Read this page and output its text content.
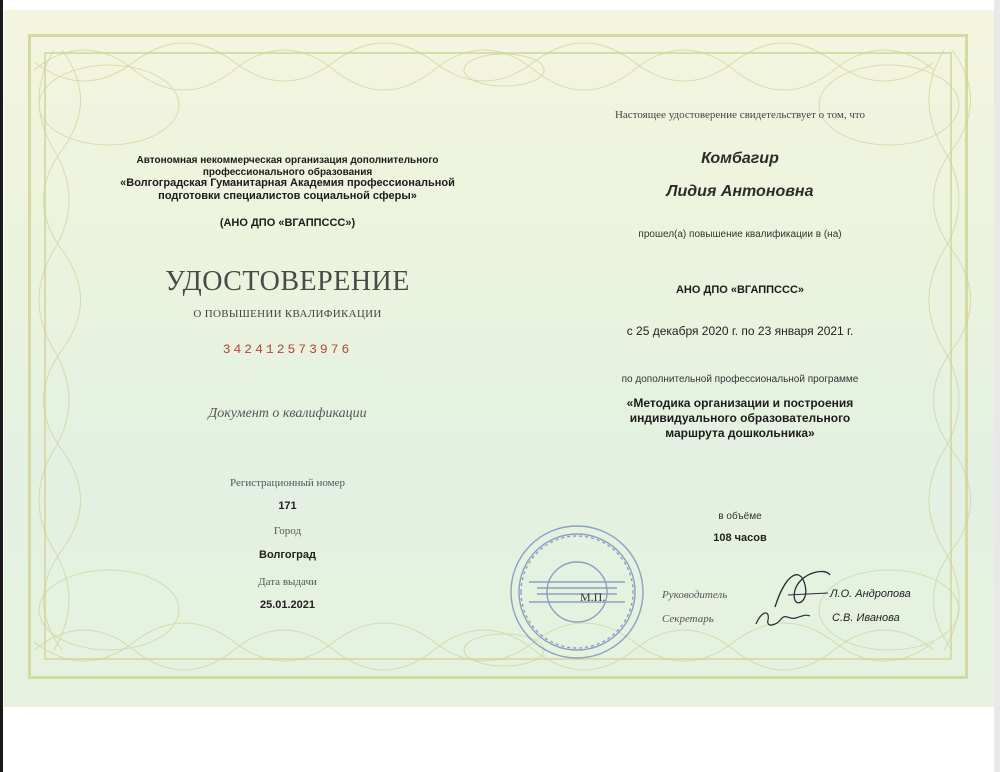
Автономная некоммерческая организация дополнительного профессионального образования
«Волгоградская Гуманитарная Академия профессиональной подготовки специалистов социальной сферы»
(АНО ДПО «ВГАППССС»)
УДОСТОВЕРЕНИЕ
О ПОВЫШЕНИИ КВАЛИФИКАЦИИ
342412573976
Документ о квалификации
Регистрационный номер
171
Город
Волгоград
Дата выдачи
25.01.2021
Настоящее удостоверение свидетельствует о том, что
Комбагир
Лидия Антоновна
прошел(а) повышение квалификации в (на)
АНО ДПО «ВГАППССС»
с 25 декабря 2020 г. по 23 января 2021 г.
по дополнительной профессиональной программе
«Методика организации и построения индивидуального образовательного маршрута дошкольника»
в объёме
108 часов
М.П.	Руководитель	Л.О. Андропова
Секретарь	С.В. Иванова
